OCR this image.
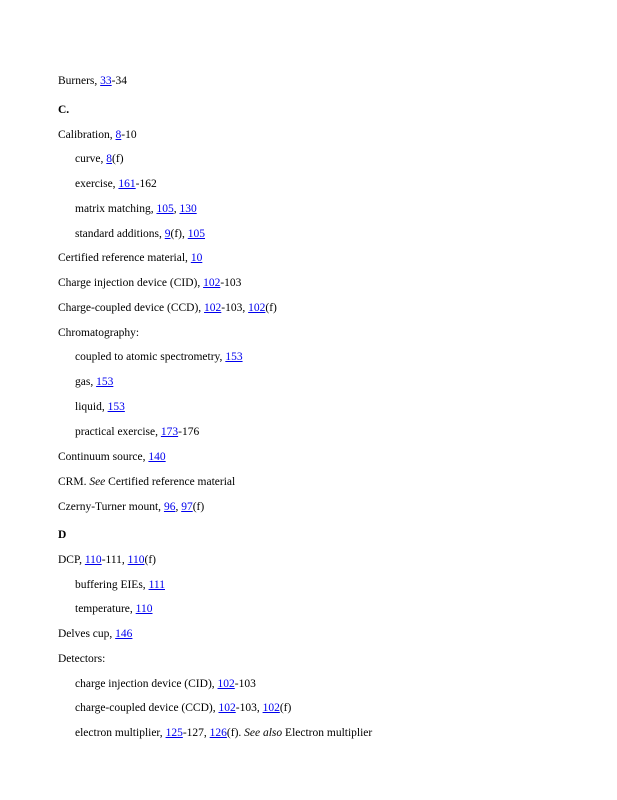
Burners, 33-34
C.
Calibration, 8-10
curve, 8(f)
exercise, 161-162
matrix matching, 105, 130
standard additions, 9(f), 105
Certified reference material, 10
Charge injection device (CID), 102-103
Charge-coupled device (CCD), 102-103, 102(f)
Chromatography:
coupled to atomic spectrometry, 153
gas, 153
liquid, 153
practical exercise, 173-176
Continuum source, 140
CRM. See Certified reference material
Czerny-Turner mount, 96, 97(f)
D
DCP, 110-111, 110(f)
buffering EIEs, 111
temperature, 110
Delves cup, 146
Detectors:
charge injection device (CID), 102-103
charge-coupled device (CCD), 102-103, 102(f)
electron multiplier, 125-127, 126(f). See also Electron multiplier
